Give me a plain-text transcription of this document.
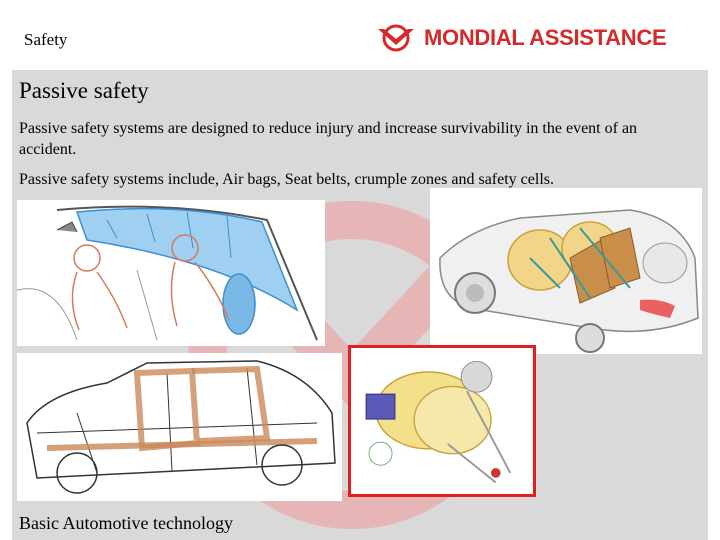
Safety	MONDIAL ASSISTANCE
Passive safety
Passive safety systems are designed to reduce injury and increase survivability in the event of an accident.
Passive safety systems include, Air bags, Seat belts, crumple zones and safety cells.
Basic Automotive technology
